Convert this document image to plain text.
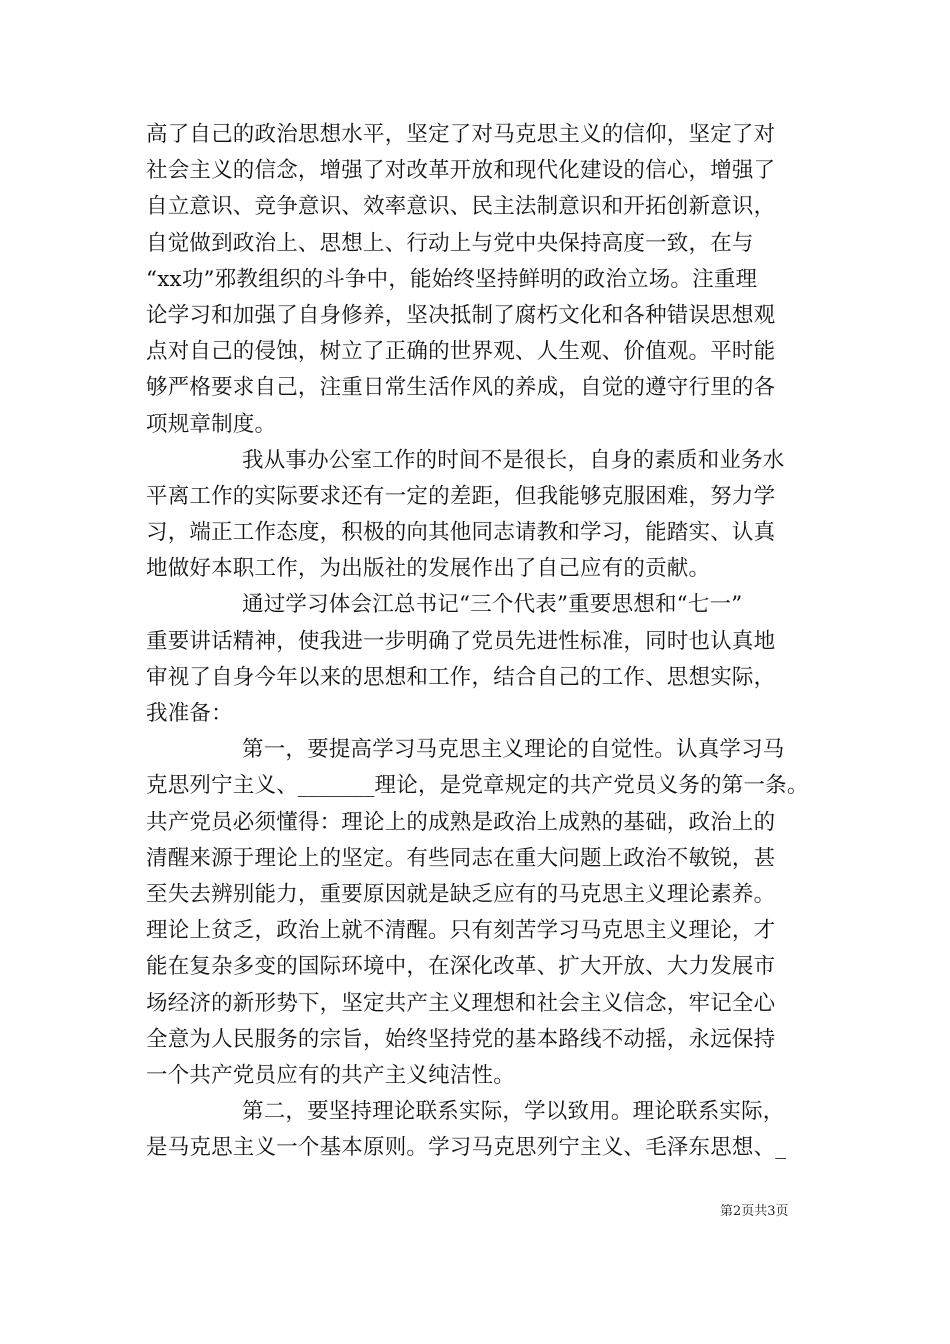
高了自己的政治思想水平，坚定了对马克思主义的信仰，坚定了对
社会主义的信念，增强了对改革开放和现代化建设的信心，增强了
自立意识、竞争意识、效率意识、民主法制意识和开拓创新意识，
自觉做到政治上、思想上、行动上与党中央保持高度一致，在与
“xx功”邪教组织的斗争中，能始终坚持鲜明的政治立场。注重理
论学习和加强了自身修养，坚决抵制了腐朽文化和各种错误思想观
点对自己的侵蚀，树立了正确的世界观、人生观、价值观。平时能
够严格要求自己，注重日常生活作风的养成，自觉的遵守行里的各
项规章制度。
我从事办公室工作的时间不是很长，自身的素质和业务水
平离工作的实际要求还有一定的差距，但我能够克服困难，努力学
习，端正工作态度，积极的向其他同志请教和学习，能踏实、认真
地做好本职工作，为出版社的发展作出了自己应有的贡献。
通过学习体会江总书记“三个代表”重要思想和“七一”
重要讲话精神，使我进一步明确了党员先进性标准，同时也认真地
审视了自身今年以来的思想和工作，结合自己的工作、思想实际，
我准备：
第一，要提高学习马克思主义理论的自觉性。认真学习马
克思列宁主义、_______理论，是党章规定的共产党员义务的第一条。
共产党员必须懂得：理论上的成熟是政治上成熟的基础，政治上的
清醒来源于理论上的坚定。有些同志在重大问题上政治不敏锐，甚
至失去辨别能力，重要原因就是缺乏应有的马克思主义理论素养。
理论上贫乏，政治上就不清醒。只有刻苦学习马克思主义理论，才
能在复杂多变的国际环境中，在深化改革、扩大开放、大力发展市
场经济的新形势下，坚定共产主义理想和社会主义信念，牢记全心
全意为人民服务的宗旨，始终坚持党的基本路线不动摇，永远保持
一个共产党员应有的共产主义纯洁性。
第二，要坚持理论联系实际，学以致用。理论联系实际，
是马克思主义一个基本原则。学习马克思列宁主义、毛泽东思想、_
第2页共3页
